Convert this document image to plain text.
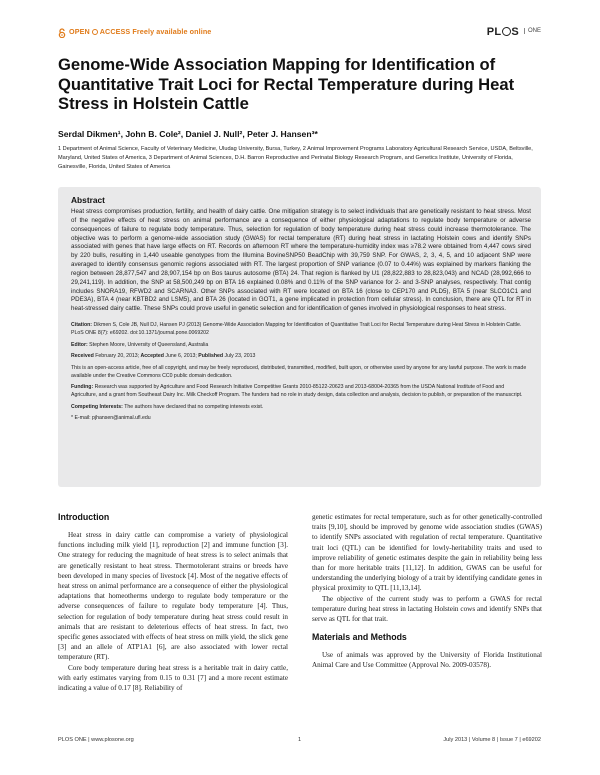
OPEN ACCESS Freely available online	PL S	ONE
Genome-Wide Association Mapping for Identification of Quantitative Trait Loci for Rectal Temperature during Heat Stress in Holstein Cattle
Serdal Dikmen¹, John B. Cole², Daniel J. Null², Peter J. Hansen³*
1 Department of Animal Science, Faculty of Veterinary Medicine, Uludag University, Bursa, Turkey, 2 Animal Improvement Programs Laboratory Agricultural Research Service, USDA, Beltsville, Maryland, United States of America, 3 Department of Animal Sciences, D.H. Barron Reproductive and Perinatal Biology Research Program, and Genetics Institute, University of Florida, Gainesville, Florida, United States of America
Abstract
Heat stress compromises production, fertility, and health of dairy cattle. One mitigation strategy is to select individuals that are genetically resistant to heat stress. Most of the negative effects of heat stress on animal performance are a consequence of either physiological adaptations to regulate body temperature or adverse consequences of failure to regulate body temperature. Thus, selection for regulation of body temperature during heat stress could increase thermotolerance. The objective was to perform a genome-wide association study (GWAS) for rectal temperature (RT) during heat stress in lactating Holstein cows and identify SNPs associated with genes that have large effects on RT. Records on afternoon RT where the temperature-humidity index was ≥78.2 were obtained from 4,447 cows sired by 220 bulls, resulting in 1,440 useable genotypes from the Illumina BovineSNP50 BeadChip with 39,759 SNP. For GWAS, 2, 3, 4, 5, and 10 adjacent SNP were averaged to identify consensus genomic regions associated with RT. The largest proportion of SNP variance (0.07 to 0.44%) was explained by markers flanking the region between 28,877,547 and 28,907,154 bp on Bos taurus autosome (BTA) 24. That region is flanked by U1 (28,822,883 to 28,823,043) and NCAD (28,992,666 to 29,241,119). In addition, the SNP at 58,500,249 bp on BTA 16 explained 0.08% and 0.11% of the SNP variance for 2- and 3-SNP analyses, respectively. That contig includes SNORA19, RFWD2 and SCARNA3. Other SNPs associated with RT were located on BTA 16 (close to CEP170 and PLD5), BTA 5 (near SLCO1C1 and PDE3A), BTA 4 (near KBTBD2 and LSM5), and BTA 26 (located in GOT1, a gene implicated in protection from cellular stress). In conclusion, there are QTL for RT in heat-stressed dairy cattle. These SNPs could prove useful in genetic selection and for identification of genes involved in physiological responses to heat stress.

Citation: Dikmen S, Cole JB, Null DJ, Hansen PJ (2013) Genome-Wide Association Mapping for Identification of Quantitative Trait Loci for Rectal Temperature during Heat Stress in Holstein Cattle. PLoS ONE 8(7): e69202. doi:10.1371/journal.pone.0069202

Editor: Stephen Moore, University of Queensland, Australia

Received February 20, 2013; Accepted June 6, 2013; Published July 23, 2013

This is an open-access article, free of all copyright, and may be freely reproduced, distributed, transmitted, modified, built upon, or otherwise used by anyone for any lawful purpose. The work is made available under the Creative Commons CC0 public domain dedication.

Funding: Research was supported by Agriculture and Food Research Initiative Competitive Grants 2010-85122-20623 and 2013-68004-20365 from the USDA National Institute of Food and Agriculture, and a grant from Southeast Dairy Inc. Milk Checkoff Program. The funders had no role in study design, data collection and analysis, decision to publish, or preparation of the manuscript.

Competing Interests: The authors have declared that no competing interests exist.

* E-mail: pjhansen@animal.ufl.edu

Introduction

Heat stress in dairy cattle can compromise a variety of physiological functions including milk yield [1], reproduction [2] and immune function [3]. One strategy for reducing the magnitude of heat stress is to select animals that are genetically resistant to heat stress. Thermotolerant strains or breeds have been developed in many species of livestock [4]. Most of the negative effects of heat stress on animal performance are a consequence of either the physiological adaptations that homeotherms undergo to regulate body temperature or the adverse consequences of failure to regulate body temperature [4]. Thus, selection for regulation of body temperature during heat stress could result in animals that are resistant to deleterious effects of heat stress. In fact, two specific genes associated with effects of heat stress on milk yield, the slick gene [3] and an allele of ATP1A1 [6], are also associated with lower rectal temperature (RT).

Core body temperature during heat stress is a heritable trait in dairy cattle, with early estimates varying from 0.15 to 0.31 [7] and a more recent estimate indicating a value of 0.17 [8]. Reliability of

genetic estimates for rectal temperature, such as for other genetically-controlled traits [9,10], should be improved by genome wide association studies (GWAS) to identify SNPs associated with regulation of rectal temperature. Quantitative trait loci (QTL) can be identified for lowly-heritability traits and used to improve reliability of genetic estimates despite the gain in reliability being less than for more heritable traits [11,12]. In addition, GWAS can be useful for understanding the underlying biology of a trait by identifying candidate genes in physical proximity to QTL [11,13,14].

The objective of the current study was to perform a GWAS for rectal temperature during heat stress in lactating Holstein cows and identify SNPs that serve as QTL for that trait.

Materials and Methods

Use of animals was approved by the University of Florida Institutional Animal Care and Use Committee (Approval No. 2009-03578).

PLOS ONE | www.plosone.org	1	July 2013 | Volume 8 | Issue 7 | e69202
